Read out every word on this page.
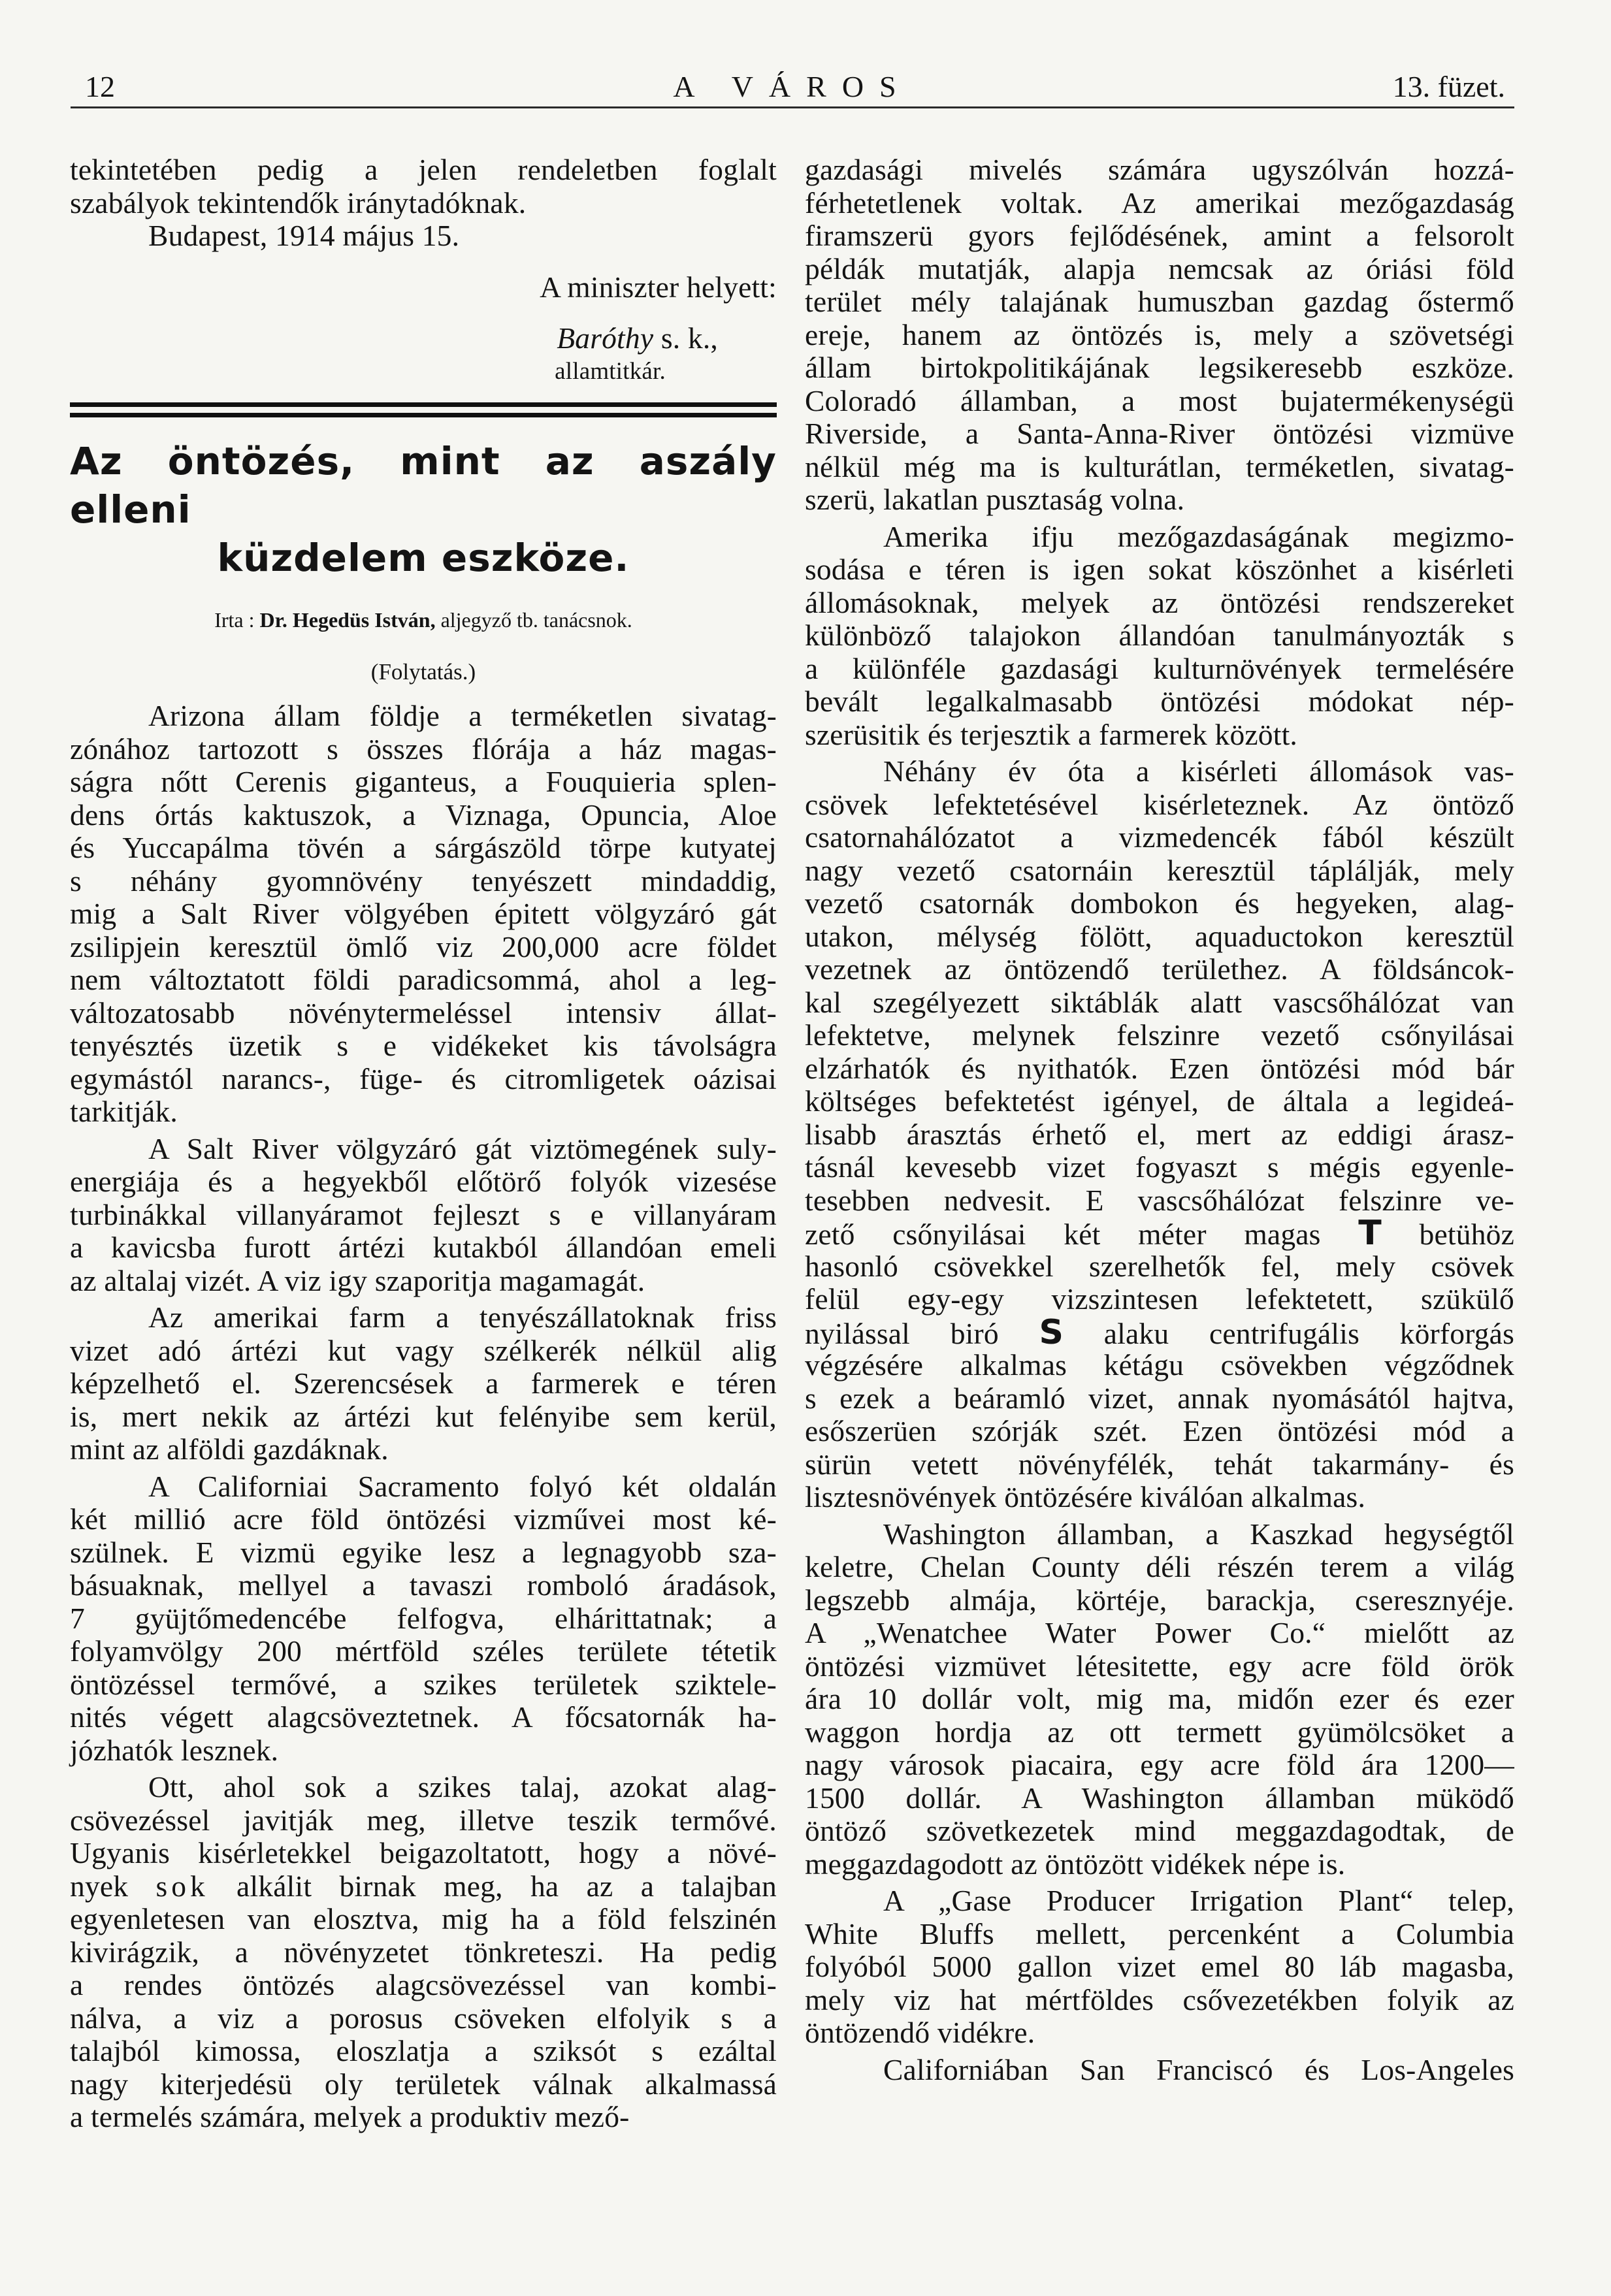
12	A VÁROS	13. füzet.
tekintetében pedig a jelen rendeletben foglalt
szabályok tekintendők iránytadóknak.
Budapest, 1914 május 15.
A miniszter helyett:
Baróthy s. k.,
allamtitkár.
Az öntözés, mint az aszály elleni
küzdelem eszköze.
Irta : Dr. Hegedüs István, aljegyző tb. tanácsnok.
(Folytatás.)
Arizona állam földje a terméketlen sivatag-
zónához tartozott s összes flórája a ház magas-
ságra nőtt Cerenis giganteus, a Fouquieria splen-
dens órtás kaktuszok, a Viznaga, Opuncia, Aloe
és Yuccapálma tövén a sárgászöld törpe kutyatej
s néhány gyomnövény tenyészett mindaddig,
mig a Salt River völgyében épitett völgyzáró gát
zsilipjein keresztül ömlő viz 200,000 acre földet
nem változtatott földi paradicsommá, ahol a leg-
változatosabb növénytermeléssel intensiv állat-
tenyésztés üzetik s e vidékeket kis távolságra
egymástól narancs-, füge- és citromligetek oázisai
tarkitják.
A Salt River völgyzáró gát viztömegének suly-
energiája és a hegyekből előtörő folyók vizesése
turbinákkal villanyáramot fejleszt s e villanyáram
a kavicsba furott ártézi kutakból állandóan emeli
az altalaj vizét. A viz igy szaporitja magamagát.
Az amerikai farm a tenyészállatoknak friss
vizet adó ártézi kut vagy szélkerék nélkül alig
képzelhető el. Szerencsések a farmerek e téren
is, mert nekik az ártézi kut felényibe sem kerül,
mint az alföldi gazdáknak.
A Californiai Sacramento folyó két oldalán
két millió acre föld öntözési vizművei most ké-
szülnek. E vizmü egyike lesz a legnagyobb sza-
básuaknak, mellyel a tavaszi romboló áradások,
7 gyüjtőmedencébe felfogva, elhárittatnak; a
folyamvölgy 200 mértföld széles területe tétetik
öntözéssel termővé, a szikes területek sziktele-
nités végett alagcsöveztetnek. A főcsatornák ha-
józhatók lesznek.
Ott, ahol sok a szikes talaj, azokat alag-
csövezéssel javitják meg, illetve teszik termővé.
Ugyanis kisérletekkel beigazoltatott, hogy a növé-
nyek sok alkálit birnak meg, ha az a talajban
egyenletesen van elosztva, mig ha a föld felszinén
kivirágzik, a növényzetet tönkreteszi. Ha pedig
a rendes öntözés alagcsövezéssel van kombi-
nálva, a viz a porosus csöveken elfolyik s a
talajból kimossa, eloszlatja a sziksót s ezáltal
nagy kiterjedésü oly területek válnak alkalmassá
a termelés számára, melyek a produktiv mező-
gazdasági mivelés számára ugyszólván hozzá-
férhetetlenek voltak. Az amerikai mezőgazdaság
firamszerü gyors fejlődésének, amint a felsorolt
példák mutatják, alapja nemcsak az óriási föld
terület mély talajának humuszban gazdag őstermő
ereje, hanem az öntözés is, mely a szövetségi
állam birtokpolitikájának legsikeresebb eszköze.
Coloradó államban, a most bujatermékenységü
Riverside, a Santa-Anna-River öntözési vizmüve
nélkül még ma is kulturátlan, terméketlen, sivatag-
szerü, lakatlan pusztaság volna.
Amerika ifju mezőgazdaságának megizmo-
sodása e téren is igen sokat köszönhet a kisérleti
állomásoknak, melyek az öntözési rendszereket
különböző talajokon állandóan tanulmányozták s
a különféle gazdasági kulturnövények termelésére
bevált legalkalmasabb öntözési módokat nép-
szerüsitik és terjesztik a farmerek között.
Néhány év óta a kisérleti állomások vas-
csövek lefektetésével kisérleteznek. Az öntöző
csatornahálózatot a vizmedencék fából készült
nagy vezető csatornáin keresztül táplálják, mely
vezető csatornák dombokon és hegyeken, alag-
utakon, mélység fölött, aquaductokon keresztül
vezetnek az öntözendő területhez. A földsáncok-
kal szegélyezett siktáblák alatt vascsőhálózat van
lefektetve, melynek felszinre vezető csőnyilásai
elzárhatók és nyithatók. Ezen öntözési mód bár
költséges befektetést igényel, de általa a legideá-
lisabb árasztás érhető el, mert az eddigi árasz-
tásnál kevesebb vizet fogyaszt s mégis egyenle-
tesebben nedvesit. E vascsőhálózat felszinre ve-
zető csőnyilásai két méter magas T betühöz
hasonló csövekkel szerelhetők fel, mely csövek
felül egy-egy vizszintesen lefektetett, szükülő
nyilással biró S alaku centrifugális körforgás
végzésére alkalmas kétágu csövekben végződnek
s ezek a beáramló vizet, annak nyomásától hajtva,
esőszerüen szórják szét. Ezen öntözési mód a
sürün vetett növényfélék, tehát takarmány- és
lisztesnövények öntözésére kiválóan alkalmas.
Washington államban, a Kaszkad hegységtől
keletre, Chelan County déli részén terem a világ
legszebb almája, körtéje, barackja, cseresznyéje.
A „Wenatchee Water Power Co.“ mielőtt az
öntözési vizmüvet létesitette, egy acre föld örök
ára 10 dollár volt, mig ma, midőn ezer és ezer
waggon hordja az ott termett gyümölcsöket a
nagy városok piacaira, egy acre föld ára 1200—
1500 dollár. A Washington államban müködő
öntöző szövetkezetek mind meggazdagodtak, de
meggazdagodott az öntözött vidékek népe is.
A „Gase Producer Irrigation Plant“ telep,
White Bluffs mellett, percenként a Columbia
folyóból 5000 gallon vizet emel 80 láb magasba,
mely viz hat mértföldes csővezetékben folyik az
öntözendő vidékre.
Californiában San Franciscó és Los-Angeles
